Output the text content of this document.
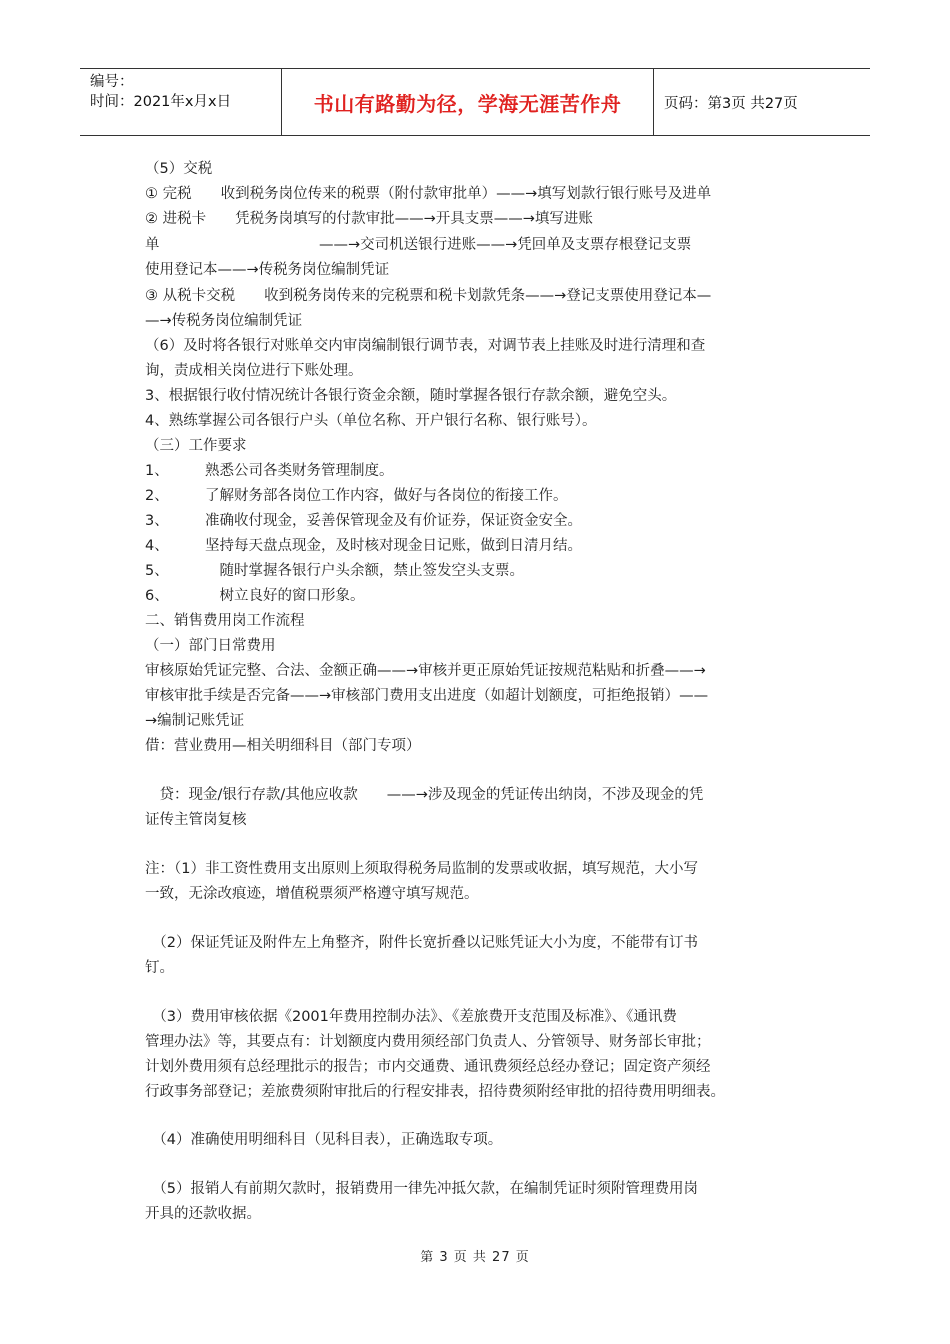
编号：
时间：2021年x月x日	书山有路勤为径，学海无涯苦作舟	页码：第3页 共27页

（5）交税

① 完税　　收到税务岗位传来的税票（附付款审批单）——→填写划款行银行账号及进单

② 进税卡　　凭税务岗填写的付款审批——→开具支票——→填写进账

单　　　　　　　　　　　——→交司机送银行进账——→凭回单及支票存根登记支票

使用登记本——→传税务岗位编制凭证

③ 从税卡交税　　收到税务岗传来的完税票和税卡划款凭条——→登记支票使用登记本—

—→传税务岗位编制凭证

（6）及时将各银行对账单交内审岗编制银行调节表，对调节表上挂账及时进行清理和查

询，责成相关岗位进行下账处理。

3、根据银行收付情况统计各银行资金余额，随时掌握各银行存款余额，避免空头。

4、熟练掌握公司各银行户头（单位名称、开户银行名称、银行账号）。

（三）工作要求

1、　　　熟悉公司各类财务管理制度。

2、　　　了解财务部各岗位工作内容，做好与各岗位的衔接工作。

3、　　　准确收付现金，妥善保管现金及有价证券，保证资金安全。

4、　　　坚持每天盘点现金，及时核对现金日记账，做到日清月结。

5、　　　　随时掌握各银行户头余额，禁止签发空头支票。

6、　　　　树立良好的窗口形象。

二、销售费用岗工作流程

（一）部门日常费用

审核原始凭证完整、合法、金额正确——→审核并更正原始凭证按规范粘贴和折叠——→

审核审批手续是否完备——→审核部门费用支出进度（如超计划额度，可拒绝报销）——

→编制记账凭证

借：营业费用—相关明细科目（部门专项）

　贷：现金/银行存款/其他应收款　　——→涉及现金的凭证传出纳岗，不涉及现金的凭

证传主管岗复核

注：（1）非工资性费用支出原则上须取得税务局监制的发票或收据，填写规范，大小写

一致，无涂改痕迹，增值税票须严格遵守填写规范。

　（2）保证凭证及附件左上角整齐，附件长宽折叠以记账凭证大小为度，不能带有订书

钉。

　（3）费用审核依据《2001年费用控制办法》、《差旅费开支范围及标准》、《通讯费

管理办法》等，其要点有：计划额度内费用须经部门负责人、分管领导、财务部长审批；

计划外费用须有总经理批示的报告；市内交通费、通讯费须经总经办登记；固定资产须经

行政事务部登记；差旅费须附审批后的行程安排表，招待费须附经审批的招待费用明细表。

　（4）准确使用明细科目（见科目表），正确选取专项。

　（5）报销人有前期欠款时，报销费用一律先冲抵欠款，在编制凭证时须附管理费用岗

开具的还款收据。

第 3 页 共 27 页
